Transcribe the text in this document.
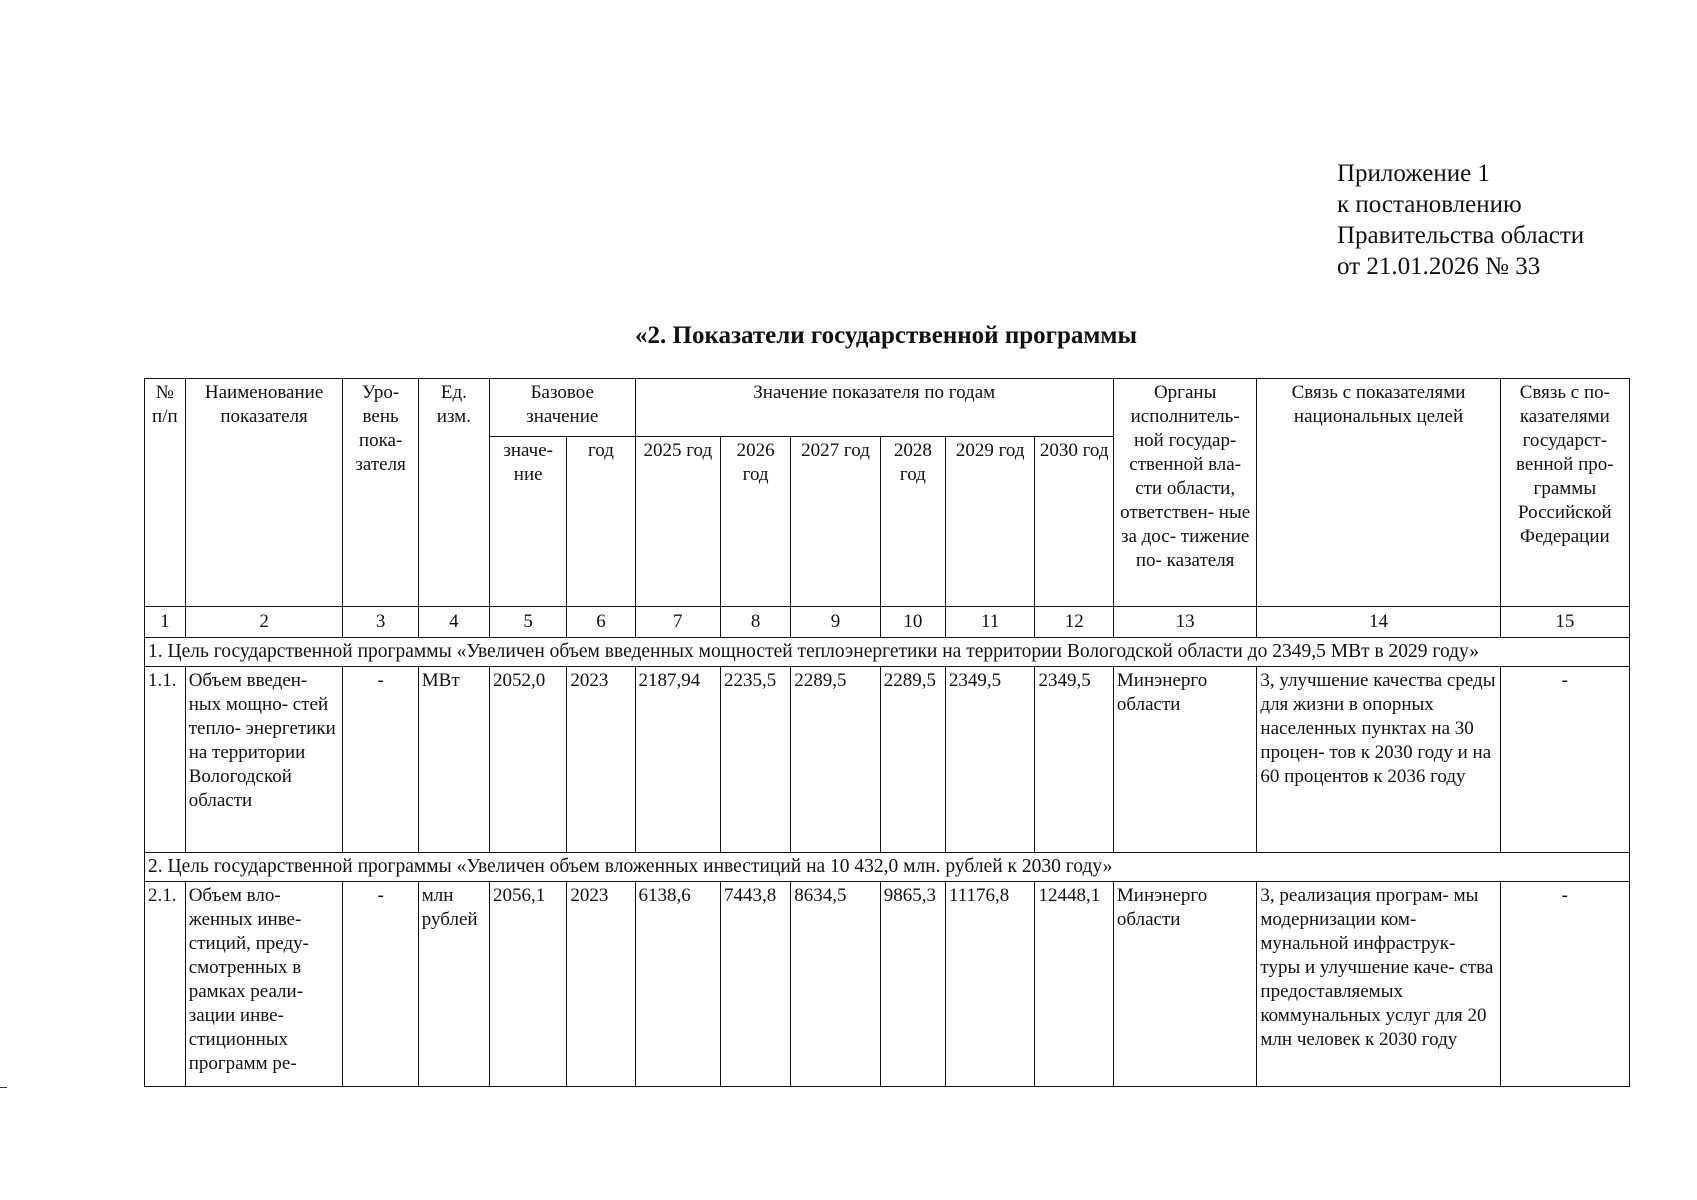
Приложение 1
к постановлению
Правительства области
от 21.01.2026 № 33
«2. Показатели государственной программы
№ п/п	Наименование показателя	Уро- вень пока- зателя	Ед. изм.	Базовое значение		Значение показателя по годам						Органы исполнитель- ной государ- ственной вла- сти области, ответствен- ные за дос- тижение по- казателя	Связь с показателями национальных целей	Связь с по- казателями государст- венной про- граммы Российской Федерации
				значе- ние	год	2025 год	2026 год	2027 год	2028 год	2029 год	2030 год			
1	2	3	4	5	6	7	8	9	10	11	12	13	14	15
1. Цель государственной программы «Увеличен объем введенных мощностей теплоэнергетики на территории Вологодской области до 2349,5 МВт в 2029 году»														
1.1.	Объем введен- ных мощно- стей тепло- энергетики на территории Вологодской области	-	МВт	2052,0	2023	2187,94	2235,5	2289,5	2289,5	2349,5	2349,5	Минэнерго области	3, улучшение качества среды для жизни в опорных населенных пунктах на 30 процен- тов к 2030 году и на 60 процентов к 2036 году	-
2. Цель государственной программы «Увеличен объем вложенных инвестиций на 10 432,0 млн. рублей к 2030 году»														
2.1.	Объем вло- женных инве- стиций, преду- смотренных в рамках реали- зации инве- стиционных программ ре-	-	млн рублей	2056,1	2023	6138,6	7443,8	8634,5	9865,3	11176,8	12448,1	Минэнерго области	3, реализация програм- мы модернизации ком- мунальной инфраструк- туры и улучшение каче- ства предоставляемых коммунальных услуг для 20 млн человек к 2030 году	-
